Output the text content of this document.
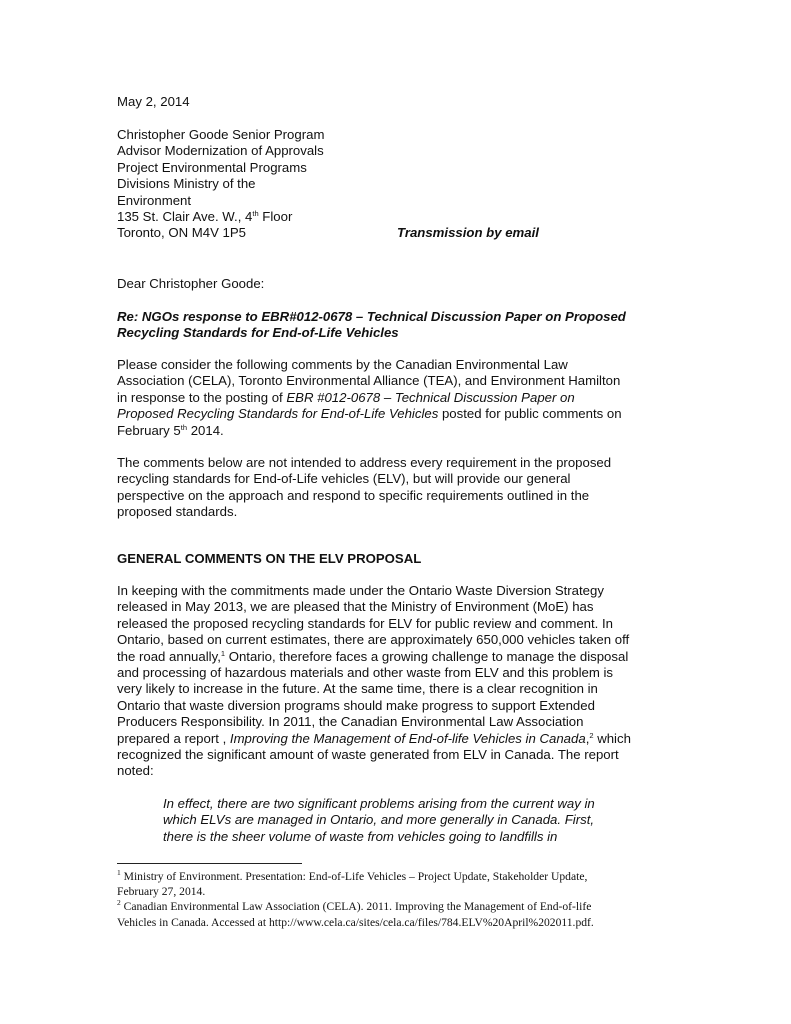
May 2, 2014
Christopher Goode Senior Program
Advisor Modernization of Approvals
Project Environmental Programs
Divisions Ministry of the
Environment
135 St. Clair Ave. W., 4th Floor
Toronto, ON M4V 1P5	Transmission by email
Dear Christopher Goode:
Re: NGOs response to EBR#012-0678 – Technical Discussion Paper on Proposed
Recycling Standards for End-of-Life Vehicles
Please consider the following comments by the Canadian Environmental Law
Association (CELA), Toronto Environmental Alliance (TEA), and Environment Hamilton
in response to the posting of EBR #012-0678 – Technical Discussion Paper on
Proposed Recycling Standards for End-of-Life Vehicles posted for public comments on
February 5th 2014.
The comments below are not intended to address every requirement in the proposed
recycling standards for End-of-Life vehicles (ELV), but will provide our general
perspective on the approach and respond to specific requirements outlined in the
proposed standards.
GENERAL COMMENTS ON THE ELV PROPOSAL
In keeping with the commitments made under the Ontario Waste Diversion Strategy
released in May 2013, we are pleased that the Ministry of Environment (MoE) has
released the proposed recycling standards for ELV for public review and comment. In
Ontario, based on current estimates, there are approximately 650,000 vehicles taken off
the road annually,$^1$ Ontario, therefore faces a growing challenge to manage the disposal
and processing of hazardous materials and other waste from ELV and this problem is
very likely to increase in the future. At the same time, there is a clear recognition in
Ontario that waste diversion programs should make progress to support Extended
Producers Responsibility. In 2011, the Canadian Environmental Law Association
prepared a report , Improving the Management of End-of-life Vehicles in Canada,$^2$ which
recognized the significant amount of waste generated from ELV in Canada. The report
noted:
In effect, there are two significant problems arising from the current way in
which ELVs are managed in Ontario, and more generally in Canada. First,
there is the sheer volume of waste from vehicles going to landfills in
$^1$ Ministry of Environment. Presentation: End-of-Life Vehicles – Project Update, Stakeholder Update,
February 27, 2014.
$^2$ Canadian Environmental Law Association (CELA). 2011. Improving the Management of End-of-life
Vehicles in Canada. Accessed at http://www.cela.ca/sites/cela.ca/files/784.ELV%20April%202011.pdf.
